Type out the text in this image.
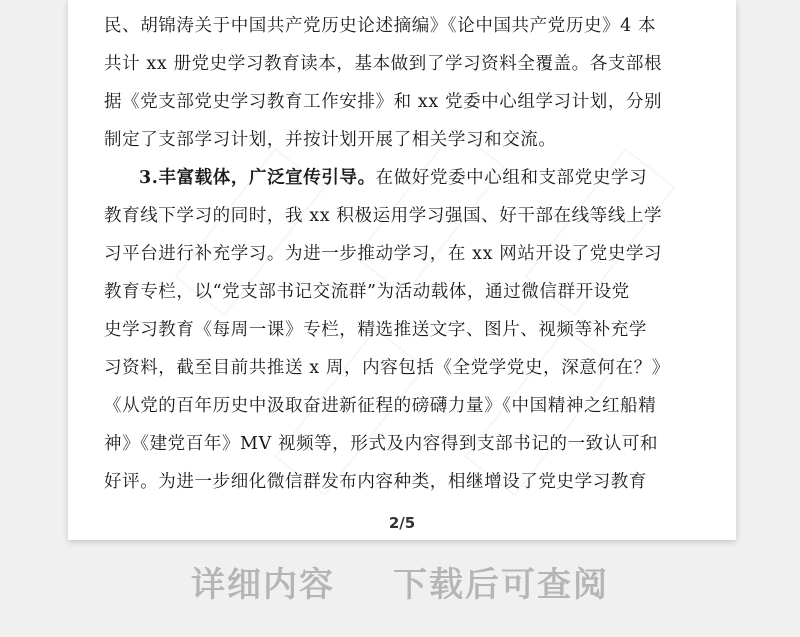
民、胡锦涛关于中国共产党历史论述摘编》《论中国共产党历史》4 本
共计 xx 册党史学习教育读本，基本做到了学习资料全覆盖。各支部根
据《党支部党史学习教育工作安排》和 xx 党委中心组学习计划，分别
制定了支部学习计划，并按计划开展了相关学习和交流。
3.丰富载体，广泛宣传引导。在做好党委中心组和支部党史学习
教育线下学习的同时，我 xx 积极运用学习强国、好干部在线等线上学
习平台进行补充学习。为进一步推动学习，在 xx 网站开设了党史学习
教育专栏，以“党支部书记交流群”为活动载体，通过微信群开设党
史学习教育《每周一课》专栏，精选推送文字、图片、视频等补充学
习资料，截至目前共推送 x 周，内容包括《全党学党史，深意何在？》
《从党的百年历史中汲取奋进新征程的磅礴力量》《中国精神之红船精
神》《建党百年》MV 视频等，形式及内容得到支部书记的一致认可和
好评。为进一步细化微信群发布内容种类，相继增设了党史学习教育
2/5
详细内容 下载后可查阅
